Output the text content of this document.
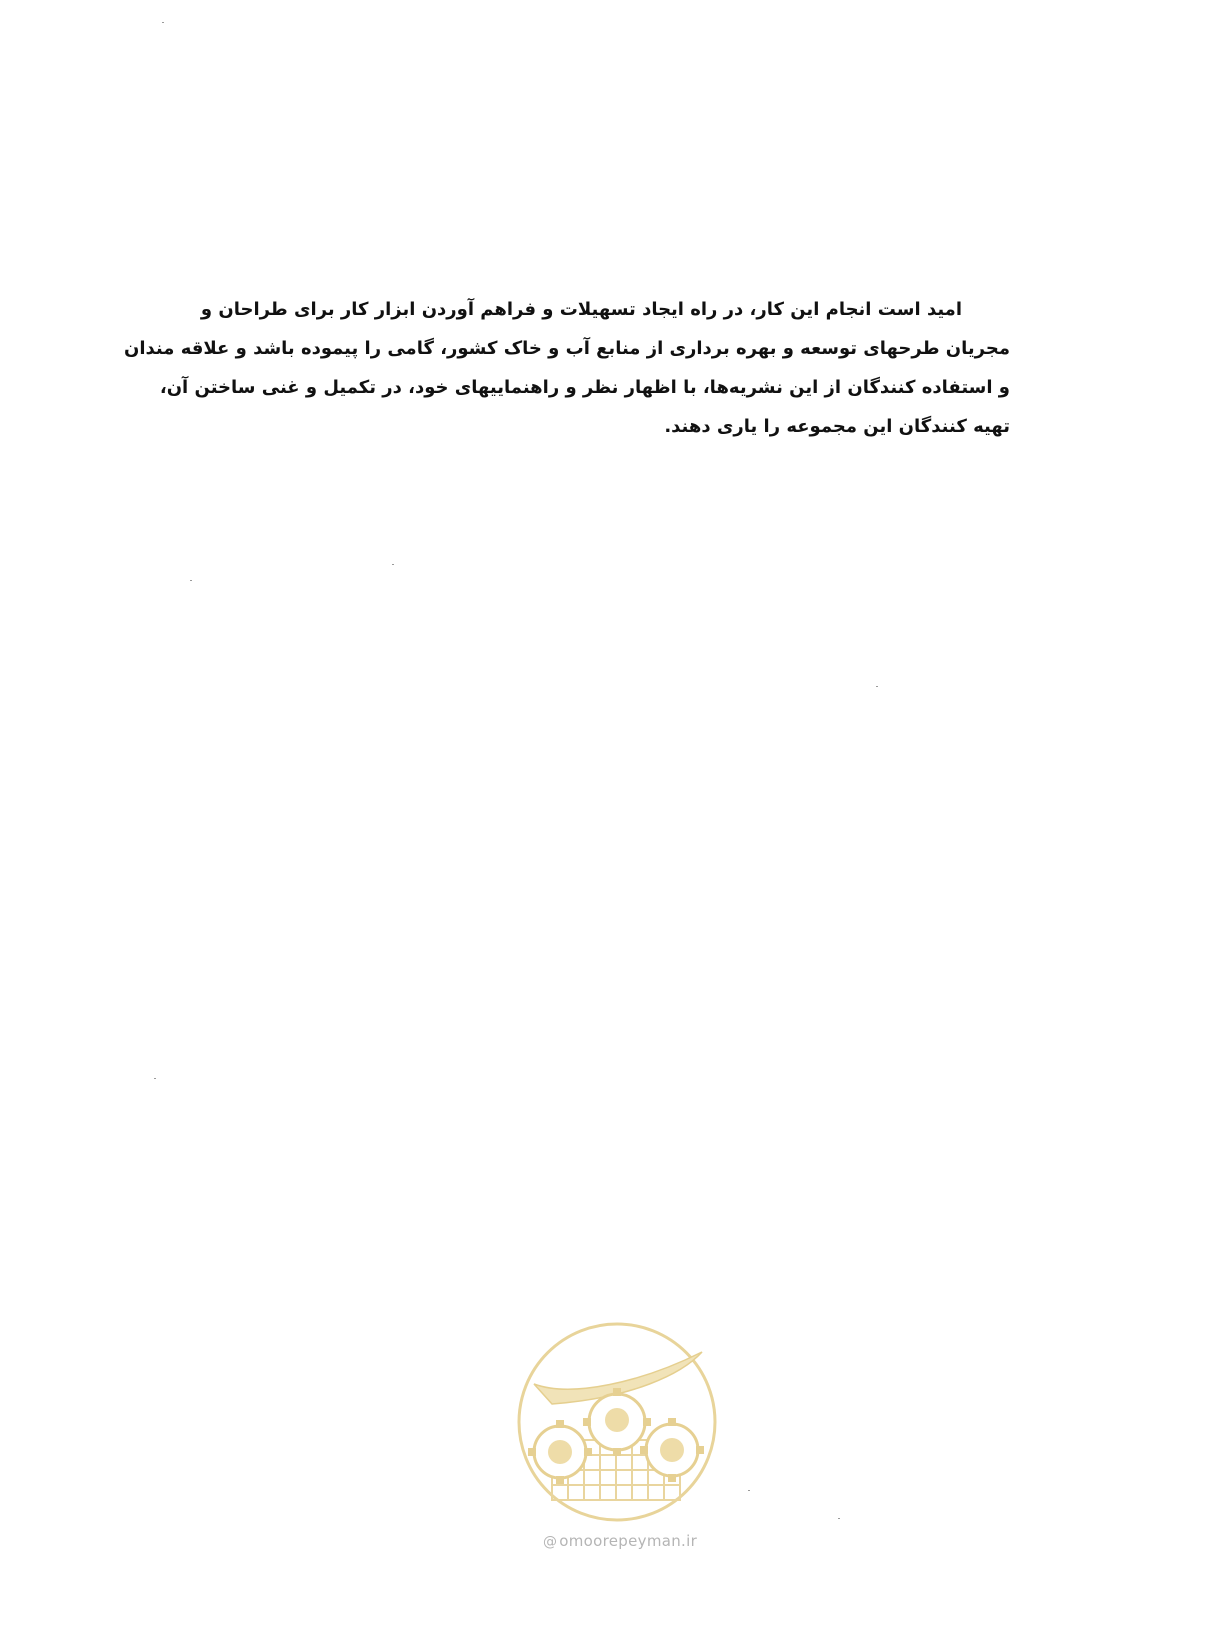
امید است انجام این کار، در راه ایجاد تسهیلات و فراهم آوردن ابزار کار برای طراحان و
مجریان طرحهای توسعه و بهره برداری از منابع آب و خاک کشور، گامی را پیموده باشد و علاقه مندان
و استفاده کنندگان از این نشریه‌ها، با اظهار نظر و راهنماییهای خود، در تکمیل و غنی ساختن آن،
تهیه کنندگان این مجموعه را یاری دهند.
@ omoorepeyman.ir
